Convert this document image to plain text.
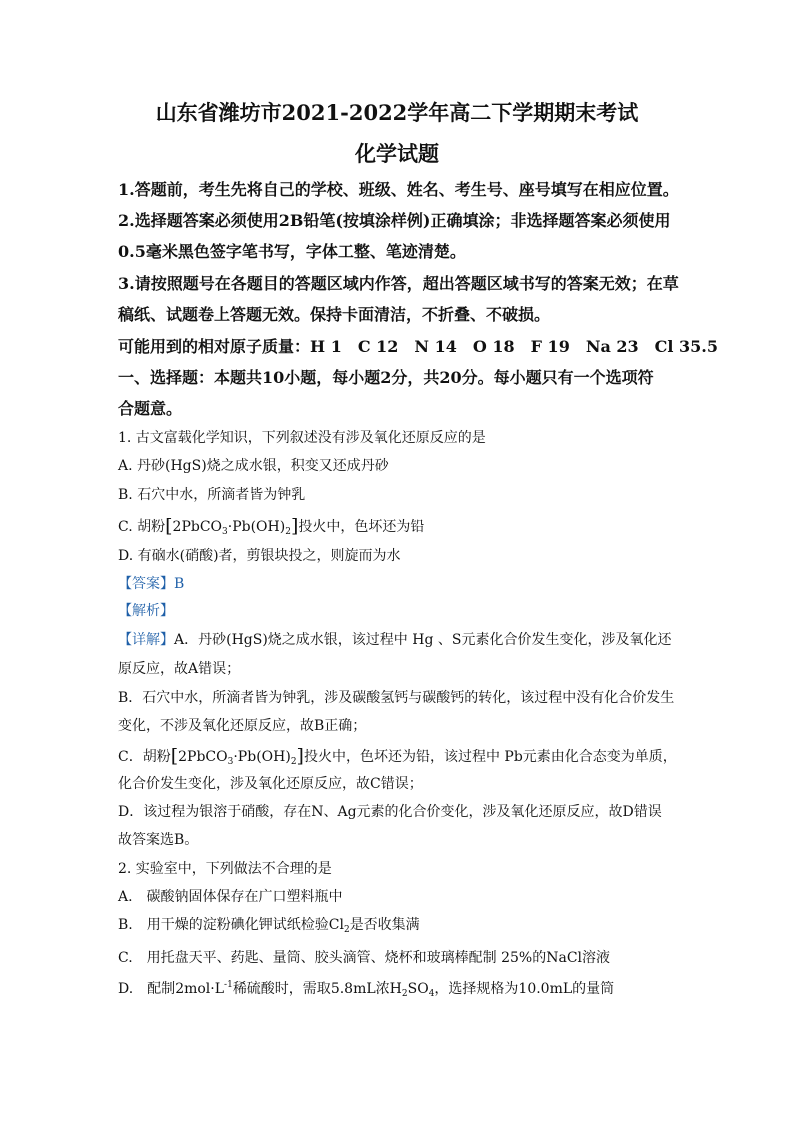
山东省潍坊市2021-2022学年高二下学期期末考试
化学试题
1.答题前，考生先将自己的学校、班级、姓名、考生号、座号填写在相应位置。
2.选择题答案必须使用2B铅笔(按填涂样例)正确填涂；非选择题答案必须使用
0.5毫米黑色签字笔书写，字体工整、笔迹清楚。
3.请按照题号在各题目的答题区域内作答，超出答题区域书写的答案无效；在草
稿纸、试题卷上答题无效。保持卡面清洁，不折叠、不破损。
可能用到的相对原子质量：H 1　C 12　N 14　O 18　F 19　Na 23　Cl 35.5
一、选择题：本题共10小题，每小题2分，共20分。每小题只有一个选项符
合题意。
1. 古文富载化学知识，下列叙述没有涉及氧化还原反应的是
A. 丹砂(HgS)烧之成水银，积变又还成丹砂
B. 石穴中水，所滴者皆为钟乳
C. 胡粉$[2PbCO_3\cdot Pb(OH)_2]$投火中，色坏还为铅
D. 有硇水(硝酸)者，剪银块投之，则旋而为水
【答案】B
【解析】
【详解】A．丹砂(HgS)烧之成水银，该过程中 Hg 、S元素化合价发生变化，涉及氧化还
原反应，故A错误；
B．石穴中水，所滴者皆为钟乳，涉及碳酸氢钙与碳酸钙的转化，该过程中没有化合价发生
变化，不涉及氧化还原反应，故B正确；
C．胡粉$[2PbCO_3\cdot Pb(OH)_2]$投火中，色坏还为铅，该过程中 Pb元素由化合态变为单质，
化合价发生变化，涉及氧化还原反应，故C错误；
D．该过程为银溶于硝酸，存在N、Ag元素的化合价变化，涉及氧化还原反应，故D错误
故答案选B。
2. 实验室中，下列做法不合理的是
A.　碳酸钠固体保存在广口塑料瓶中
B.　用干燥的淀粉碘化钾试纸检验$Cl_2$是否收集满
C.　用托盘天平、药匙、量筒、胶头滴管、烧杯和玻璃棒配制 25%的NaCl溶液
D.　配制$2mol\cdot L^{-1}$稀硫酸时，需取5.8mL浓$H_2SO_4$，选择规格为10.0mL的量筒
